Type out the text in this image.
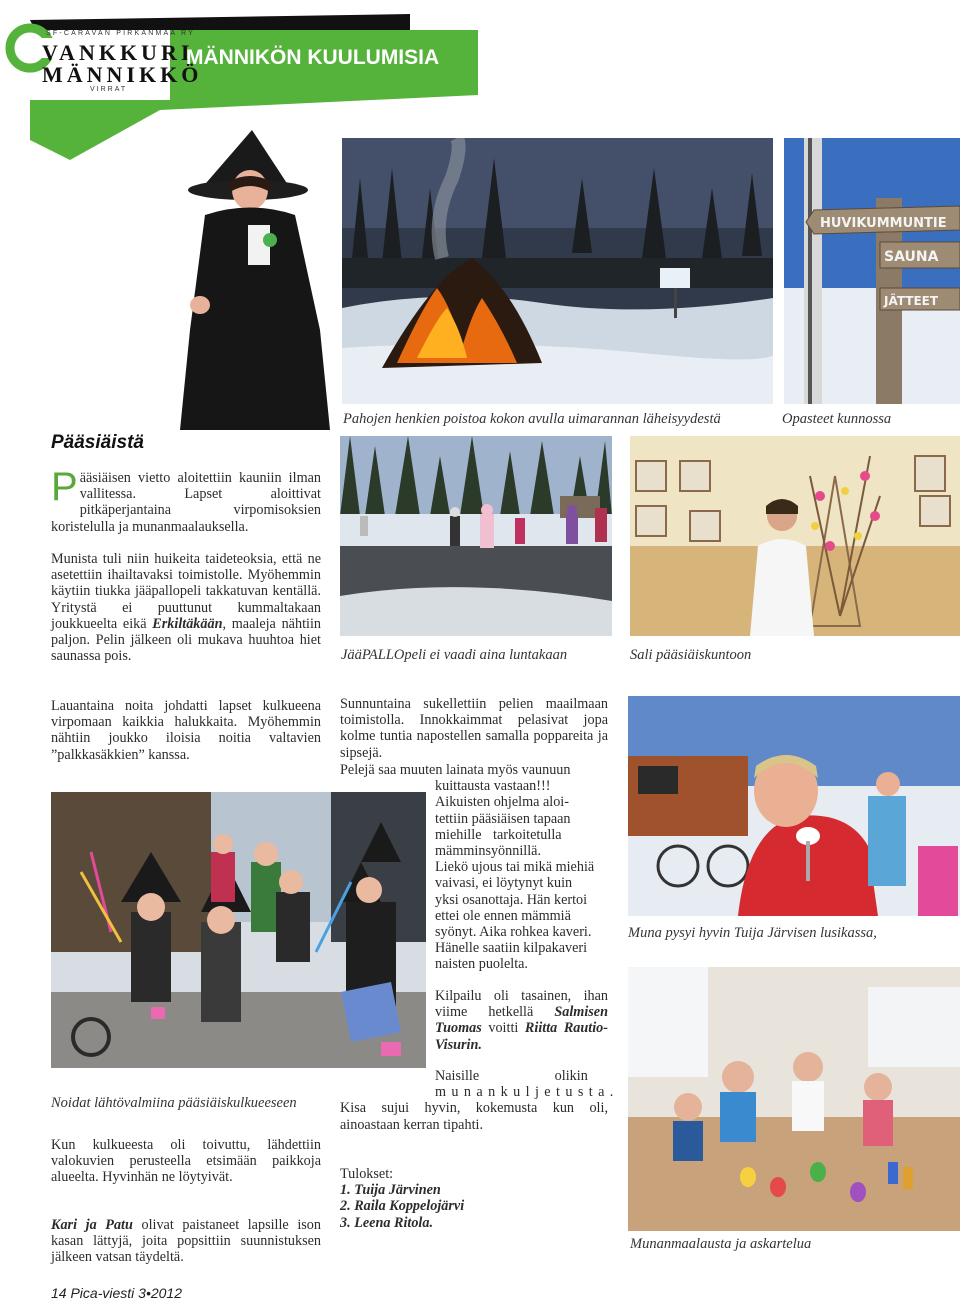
SF-CARAVAN PIRKANMAA RY
VANKKURI
MÄNNIKKÖ
VIRRAT
MÄNNIKÖN KUULUMISIA
HUVIKUMMUNTIE
SAUNA
JÄTTEET
Pahojen henkien poistoa kokon avulla uimarannan läheisyydestä	Opasteet kunnossa
Pääsiäistä
Pääsiäisen vietto aloitettiin kauniin ilman vallitessa. Lapset aloittivat pitkäperjantaina virpomisoksien koristelulla ja munanmaalauksella.
Munista tuli niin huikeita taideteoksia, että ne asetettiin ihailtavaksi toimistolle. Myöhemmin käytiin tiukka jääpallopeli takkatuvan kentällä. Yritystä ei puuttunut kummaltakaan joukkueelta eikä Erkiltäkään, maaleja nähtiin paljon. Pelin jälkeen oli mukava huuhtoa hiet saunassa pois.
Lauantaina noita johdatti lapset kulkueena virpomaan kaikkia halukkaita. Myöhemmin nähtiin joukko iloisia noitia valtavien ”palkkasäkkien” kanssa.
JääPALLOpeli ei vaadi aina luntakaan	Sali pääsiäiskuntoon
Sunnuntaina sukellettiin pelien maailmaan toimistolla. Innokkaimmat pelasivat jopa kolme tuntia napostellen samalla popparеita ja sipsejä.
Pelejä saa muuten lainata myös vaunuun
kuittausta vastaan!!!
Aikuisten ohjelma aloi-
tettiin pääsiäisen tapaan
miehille tarkoitetulla
mämminsyönnillä.
Liekö ujous tai mikä miehiä
vaivasi, ei löytynyt kuin
yksi osanottaja. Hän kertoi
ettei ole ennen mämmiä
syönyt. Aika rohkea kaveri.
Hänelle saatiin kilpakaveri
naisten puolelta.
Kilpailu oli tasainen, ihan viime hetkellä Salmisen Tuomas voitti Riitta Rautio-Visurin.
Naisille olikin
munankuljetusta.
Kisa sujui hyvin, kokemusta kun oli, ainoastaan kerran tipahti.
Tulokset:
1. Tuija Järvinen
2. Raila Koppelojärvi
3. Leena Ritola.
Muna pysyi hyvin Tuija Järvisen lusikassa,
Munanmaalausta ja askartelua
Noidat lähtövalmiina pääsiäiskulkueeseen
Kun kulkueesta oli toivuttu, lähdettiin valokuvien perusteella etsimään paikkoja alueelta. Hyvinhän ne löytyivät.
Kari ja Patu olivat paistaneet lapsille ison kasan lättyjä, joita popsittiin suunnistuksen jälkeen vatsan täydeltä.
14 Pica-viesti 3•2012
